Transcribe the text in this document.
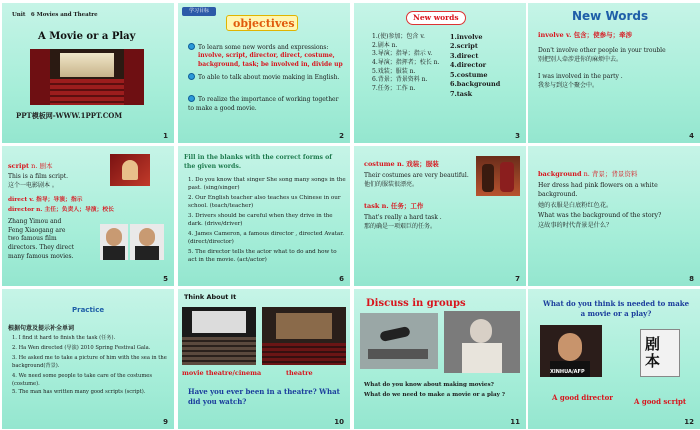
Unit　6 Movies and Theatre
A Movie or a Play
PPT模板网-WWW.1PPT.COM
1
学习目标
objectives
To learn some new words and expressions:
involve, script, director, direct, costume, background, task; be involved in, divide up
To able to talk about movie making in English.
To realize the importance of working together to make a good movie.
2
New words
1.(使)参加；包含 v.
2.剧本 n.
3.导演；指导；指示 v.
4.导演；指挥者；校长 n.
5.戏装；服装 n.
6.背景；背景资料 n.
7.任务；工作 n.
1.involve
2.script
3.direct
4.director
5.costume
6.background
7.task
3
New Words
involve v. 包含；使参与；牵涉
Don't involve other people in your trouble
别把别人牵涉进你的麻烦中去。
I was involved in the party .
我参与到这个聚会中。
4
script n. 剧本
This is a film script.
这个一电影剧本 。
direct v. 指导；导演；指示
director n. 主任；负责人；导演；校长
Zhang Yimou and Feng Xiaogang are two famous film directors. They direct many famous movies.
5
Fill in the blanks with the correct forms of the given words.
1. Do you know that singer She song many songs in the past. (sing/singer)
2. Our English teacher also teaches us Chinese in our school. (teach/teacher)
3. Drivers should be careful when they drive in the dark. (drive/driver)
4. James Cameron, a famous director , directed Avatar. (direct/director)
5. The director tells the actor what to do and how to act in the movie. (act/actor)
6
costume n. 戏装；服装
Their costumes are very beautiful.
他们的服装很漂亮。
task n. 任务；工作
That's really a hard task .
那的确是一项艰巨的任务。
7
background n. 背景；背景资料
Her dress had pink flowers on a white background.
她的衣服是白底粉红色花。
What was the background of the story?
这故事的时代背景是什么？
8
Practice
根据句意及提示补全单词
1. I find it hard to finish the task (任务).
2. Ha Wen directed (导演) 2010 Spring Festival Gala.
3. He asked me to take a picture of him with the sea in the background(背景).
4. We need some people to take care of the costumes (costume).
5. The man has written many good scripts (script).
9
Think About It
movie theatre/cinema	theatre
Have you ever been in a theatre? What did you watch?
10
Discuss in groups
What do you know about making movies?
What do we need to make a movie or a play ?
11
What do you think is needed to make a movie or a play?
XINHUA/AFP
剧本
A good director	A good script
12
